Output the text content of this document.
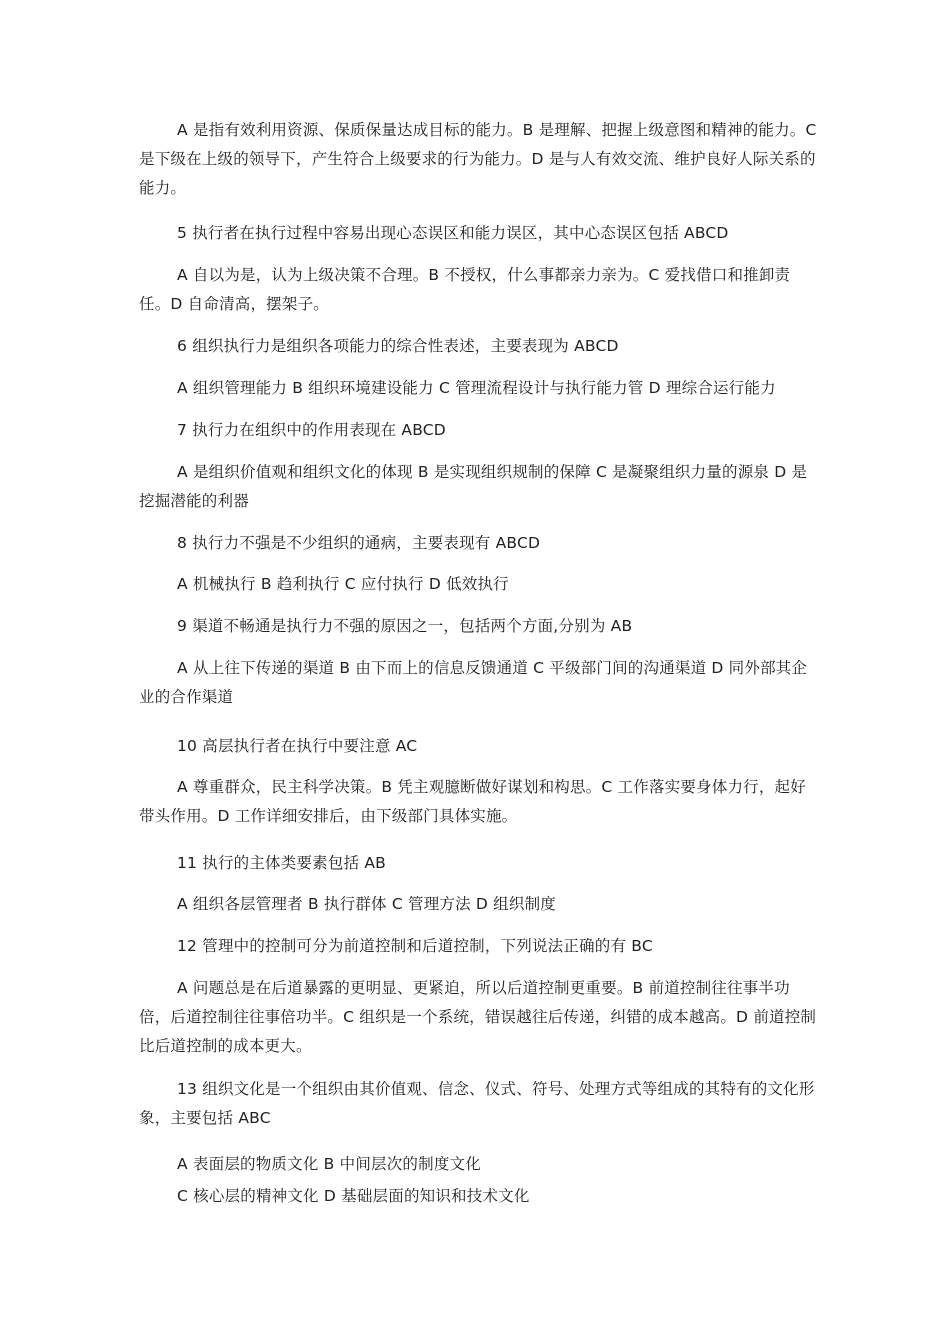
A 是指有效利用资源、保质保量达成目标的能力。B 是理解、把握上级意图和精神的能力。C 是下级在上级的领导下，产生符合上级要求的行为能力。D 是与人有效交流、维护良好人际关系的能力。

5 执行者在执行过程中容易出现心态误区和能力误区，其中心态误区包括 ABCD

A 自以为是，认为上级决策不合理。B 不授权，什么事都亲力亲为。C 爱找借口和推卸责任。D 自命清高，摆架子。

6 组织执行力是组织各项能力的综合性表述，主要表现为 ABCD

A 组织管理能力 B 组织环境建设能力 C 管理流程设计与执行能力管 D 理综合运行能力

7 执行力在组织中的作用表现在 ABCD

A 是组织价值观和组织文化的体现 B 是实现组织规制的保障 C 是凝聚组织力量的源泉 D 是挖掘潜能的利器

8 执行力不强是不少组织的通病，主要表现有 ABCD

A 机械执行 B 趋利执行 C 应付执行 D 低效执行

9 渠道不畅通是执行力不强的原因之一，包括两个方面,分别为 AB

A 从上往下传递的渠道 B 由下而上的信息反馈通道 C 平级部门间的沟通渠道 D 同外部其企业的合作渠道

10 高层执行者在执行中要注意 AC

A 尊重群众，民主科学决策。B 凭主观臆断做好谋划和构思。C 工作落实要身体力行，起好带头作用。D 工作详细安排后，由下级部门具体实施。

11 执行的主体类要素包括 AB

A 组织各层管理者 B 执行群体 C 管理方法 D 组织制度

12 管理中的控制可分为前道控制和后道控制，下列说法正确的有 BC

A 问题总是在后道暴露的更明显、更紧迫，所以后道控制更重要。B 前道控制往往事半功倍，后道控制往往事倍功半。C 组织是一个系统，错误越往后传递，纠错的成本越高。D 前道控制比后道控制的成本更大。

13 组织文化是一个组织由其价值观、信念、仪式、符号、处理方式等组成的其特有的文化形象，主要包括 ABC

A 表面层的物质文化 B 中间层次的制度文化

C 核心层的精神文化 D 基础层面的知识和技术文化
